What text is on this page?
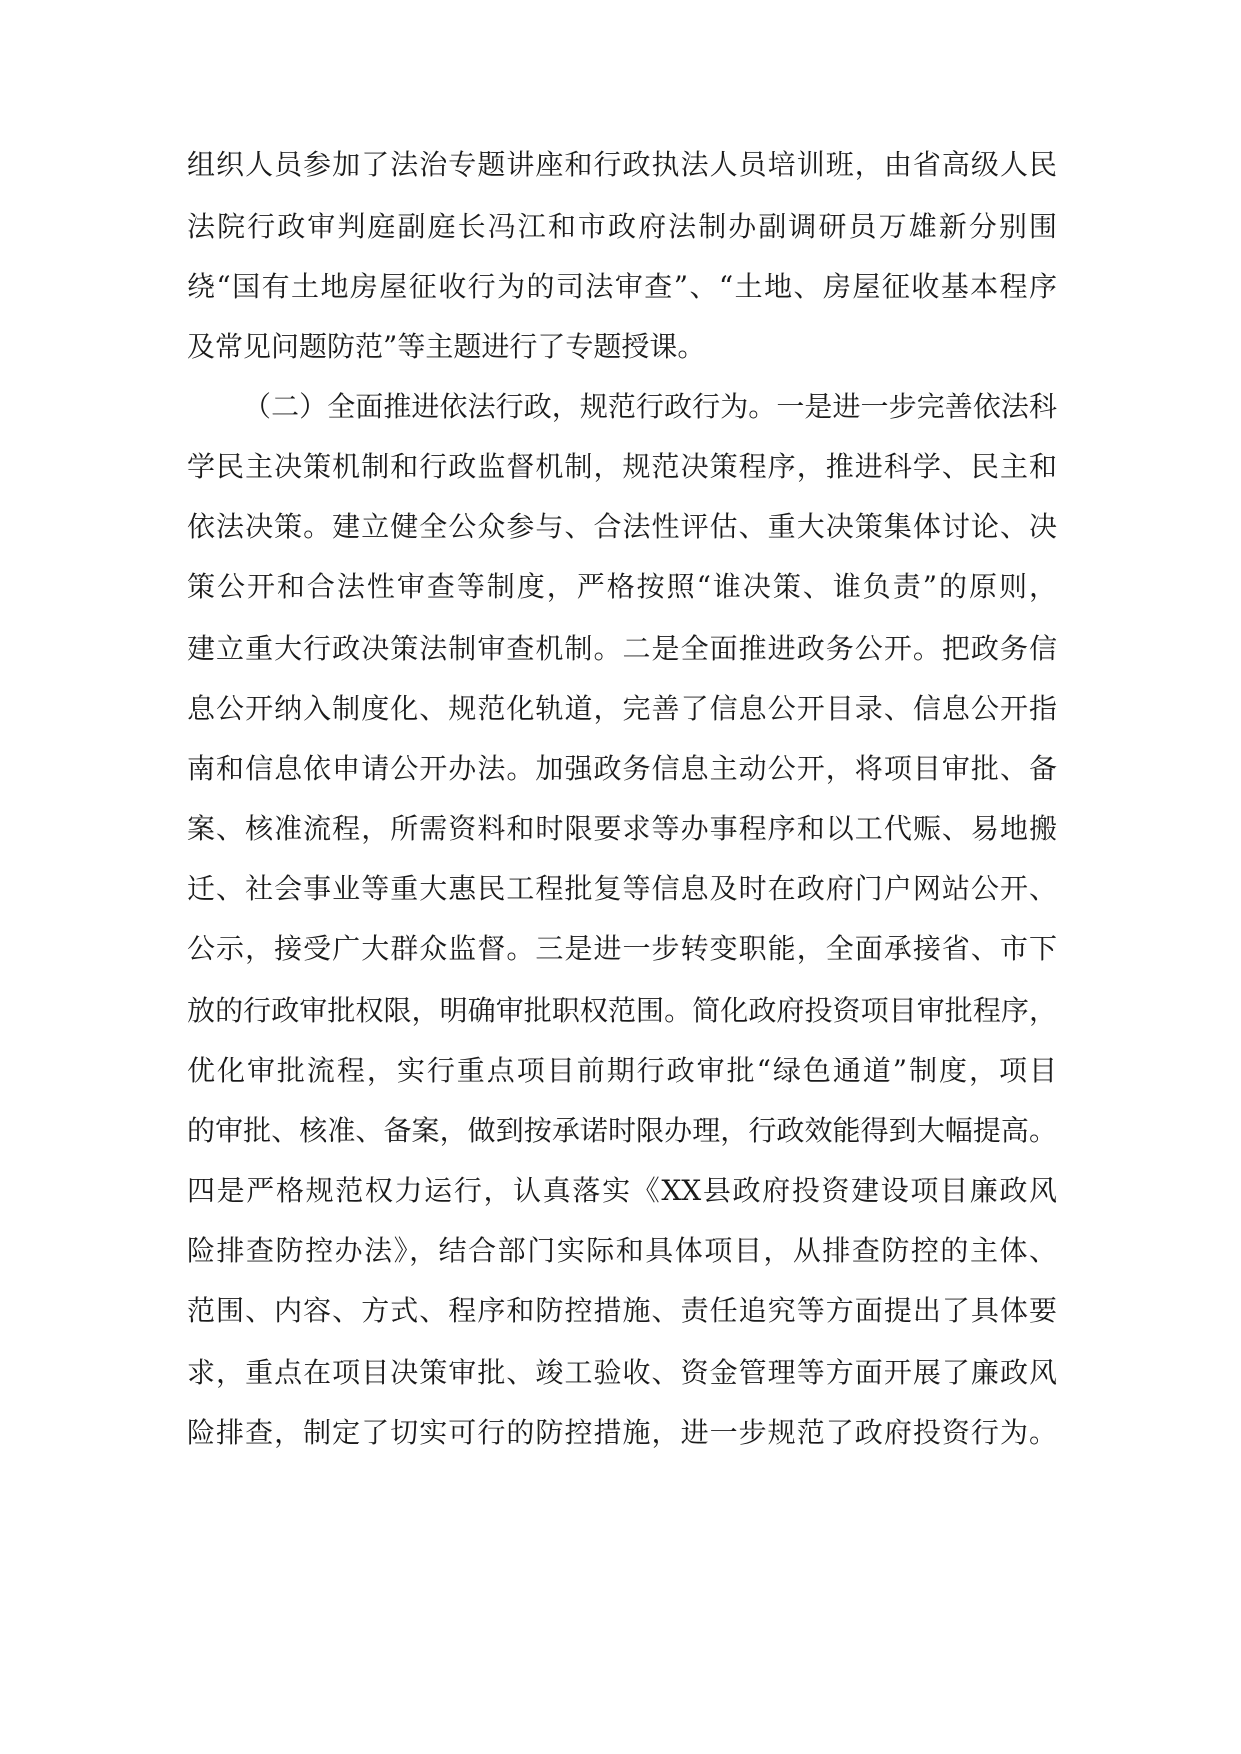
组织人员参加了法治专题讲座和行政执法人员培训班，由省高级人民
法院行政审判庭副庭长冯江和市政府法制办副调研员万雄新分别围
绕“国有土地房屋征收行为的司法审查”、“土地、房屋征收基本程序
及常见问题防范”等主题进行了专题授课。
（二）全面推进依法行政，规范行政行为。一是进一步完善依法科
学民主决策机制和行政监督机制，规范决策程序，推进科学、民主和
依法决策。建立健全公众参与、合法性评估、重大决策集体讨论、决
策公开和合法性审查等制度，严格按照“谁决策、谁负责”的原则，
建立重大行政决策法制审查机制。二是全面推进政务公开。把政务信
息公开纳入制度化、规范化轨道，完善了信息公开目录、信息公开指
南和信息依申请公开办法。加强政务信息主动公开，将项目审批、备
案、核准流程，所需资料和时限要求等办事程序和以工代赈、易地搬
迁、社会事业等重大惠民工程批复等信息及时在政府门户网站公开、
公示，接受广大群众监督。三是进一步转变职能，全面承接省、市下
放的行政审批权限，明确审批职权范围。简化政府投资项目审批程序，
优化审批流程，实行重点项目前期行政审批“绿色通道”制度，项目
的审批、核准、备案，做到按承诺时限办理，行政效能得到大幅提高。
四是严格规范权力运行，认真落实《XX县政府投资建设项目廉政风
险排查防控办法》，结合部门实际和具体项目，从排查防控的主体、
范围、内容、方式、程序和防控措施、责任追究等方面提出了具体要
求，重点在项目决策审批、竣工验收、资金管理等方面开展了廉政风
险排查，制定了切实可行的防控措施，进一步规范了政府投资行为。
